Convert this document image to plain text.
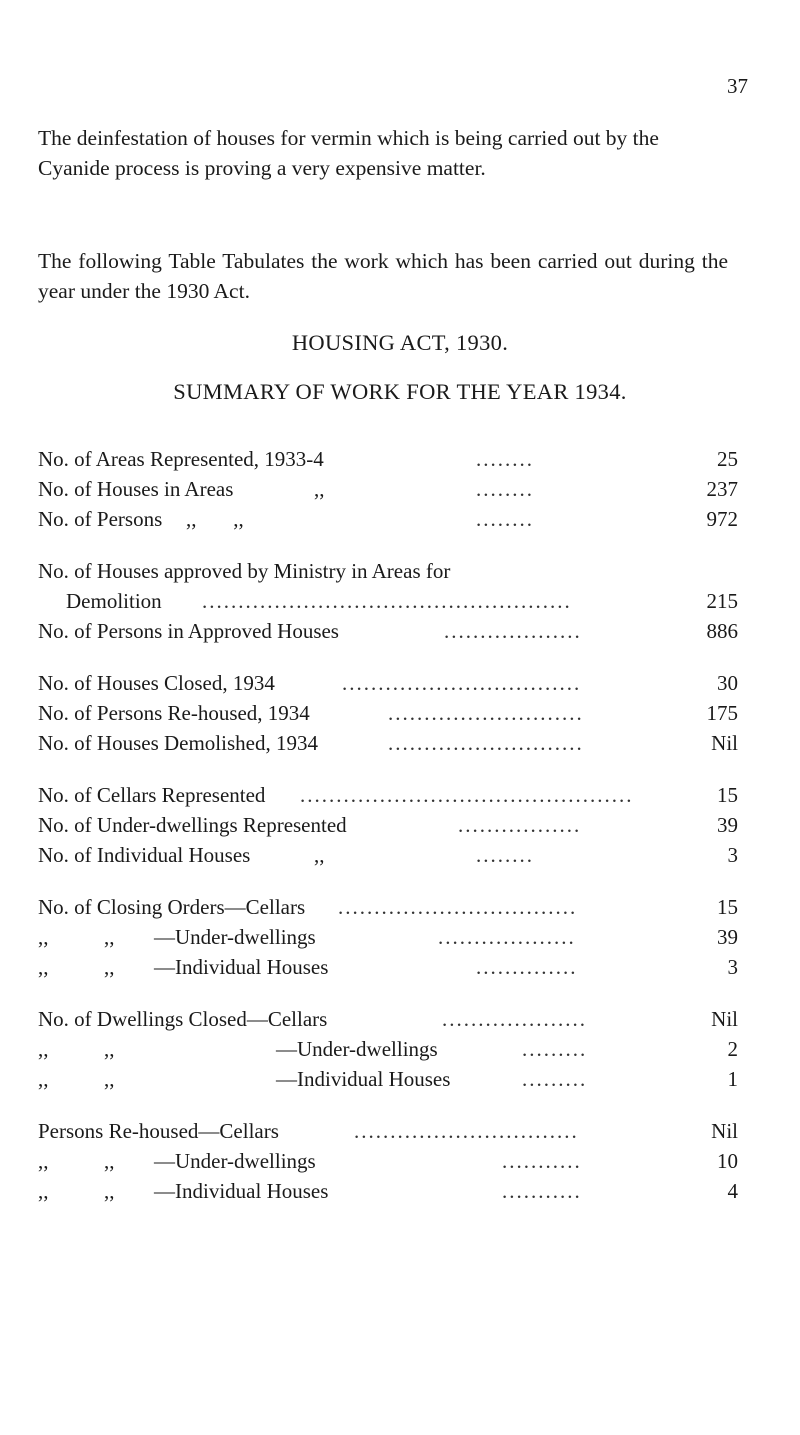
37

The deinfestation of houses for vermin which is being carried out by the Cyanide process is proving a very expensive matter.

The following Table Tabulates the work which has been carried out during the year under the 1930 Act.

HOUSING ACT, 1930.
SUMMARY OF WORK FOR THE YEAR 1934.
No. of Areas Represented, 1933-4	........	25
No. of Houses in Areas	,,	........	237
No. of Persons ,,       ,,	........	972
No. of Houses approved by Ministry in Areas for
Demolition ...................................................	215
No. of Persons in Approved Houses	...................	886
No. of Houses Closed, 1934	.................................	30
No. of Persons Re-housed, 1934	...........................	175
No. of Houses Demolished, 1934	...........................	Nil
No. of Cellars Represented ..............................................	15
No. of Under-dwellings Represented	.................	39
No. of Individual Houses	,,	........	3
No. of Closing Orders—Cellars .................................	15
,,	,, —Under-dwellings	...................	39
,,	,, —Individual Houses	..............	3
No. of Dwellings Closed—Cellars	....................	Nil
,,	,,	—Under-dwellings	.........	2
,,	,,	—Individual Houses	.........	1
Persons Re-housed—Cellars	...............................	Nil
,,	,, —Under-dwellings	...........	10
,,	,, —Individual Houses	...........	4
